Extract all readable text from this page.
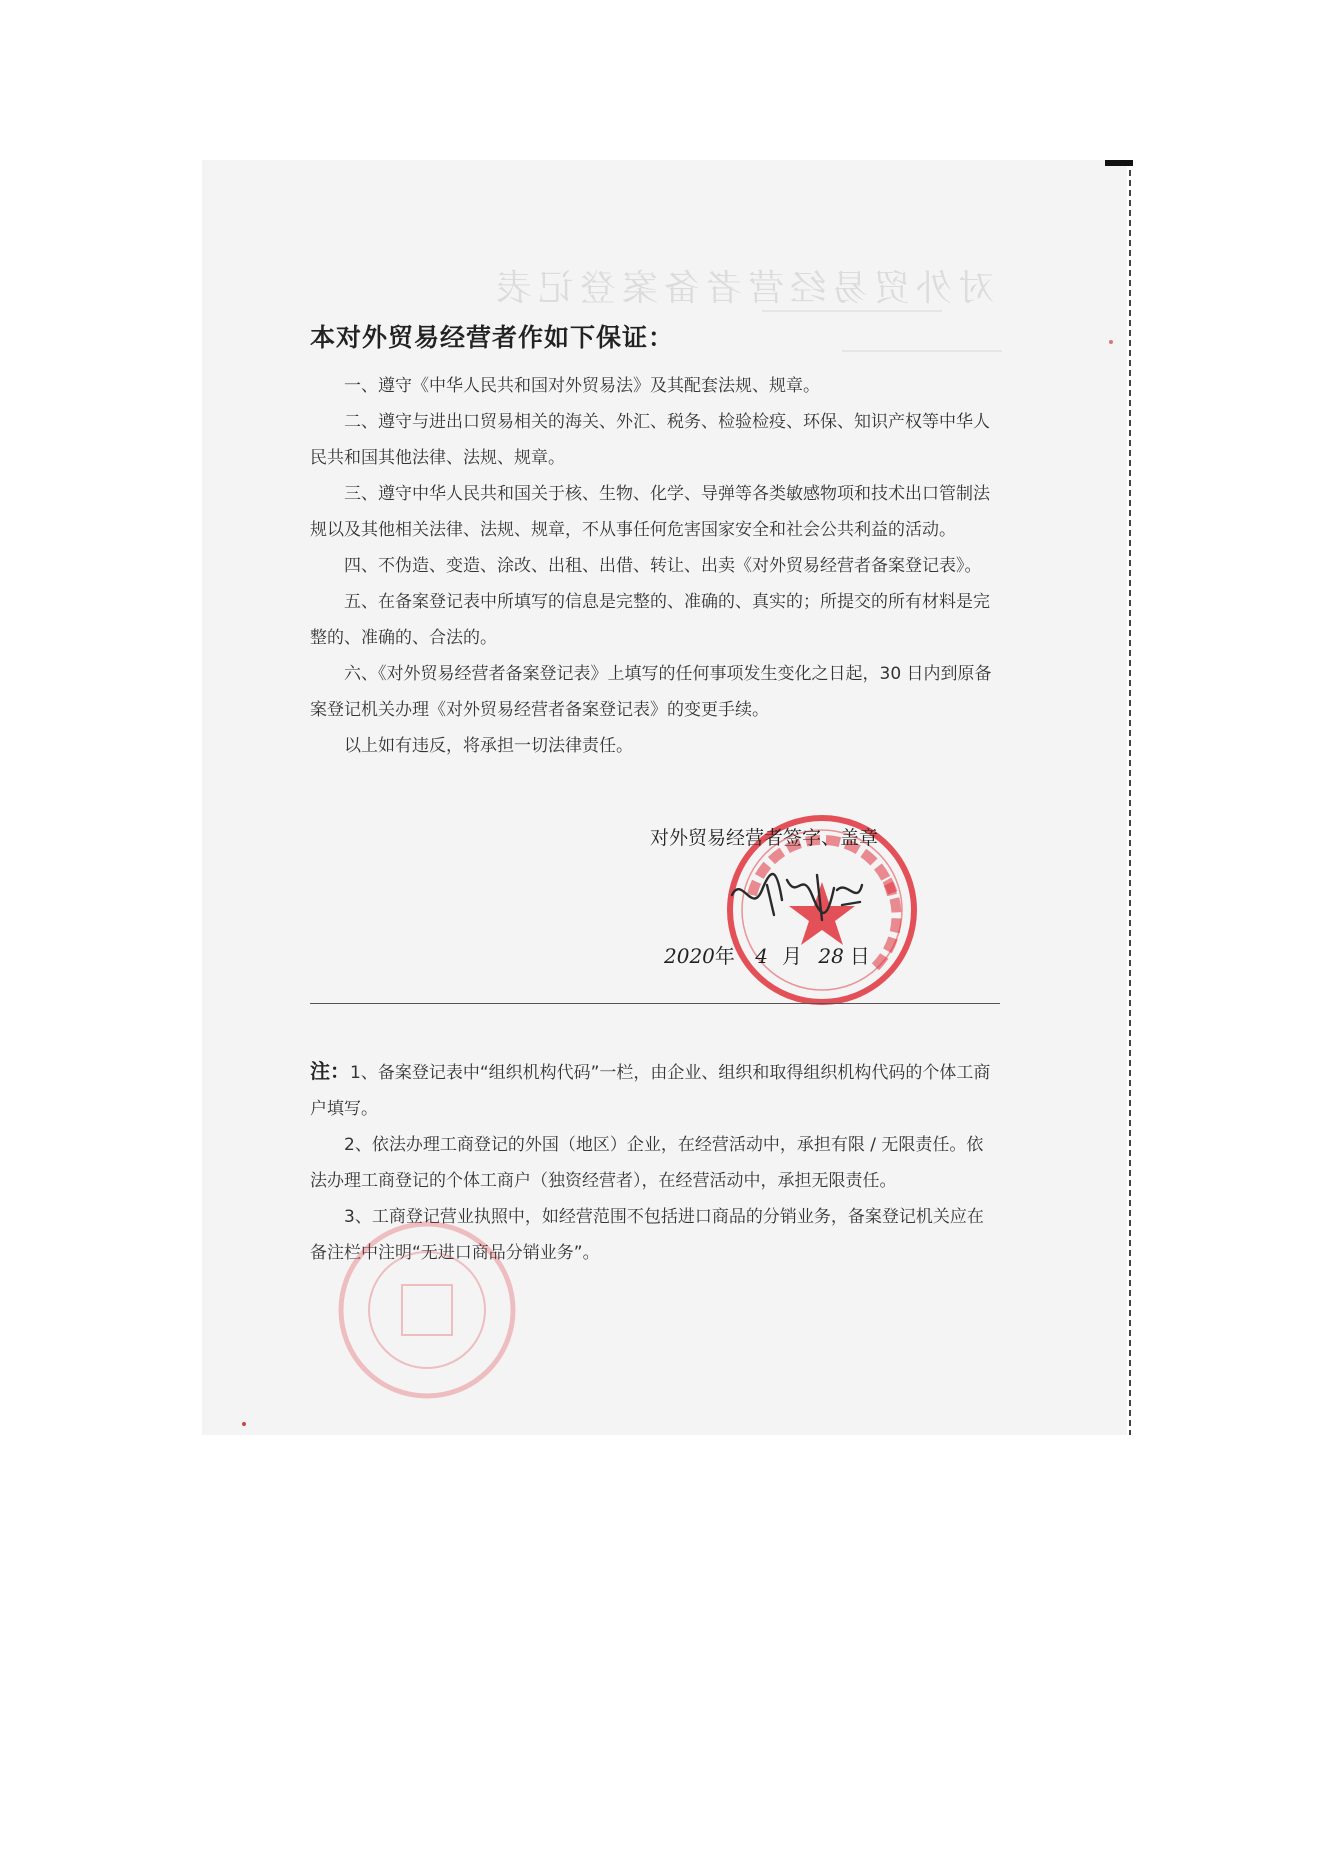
对外贸易经营者备案登记表
本对外贸易经营者作如下保证：

一、遵守《中华人民共和国对外贸易法》及其配套法规、规章。

二、遵守与进出口贸易相关的海关、外汇、税务、检验检疫、环保、知识产权等中华人民共和国其他法律、法规、规章。

三、遵守中华人民共和国关于核、生物、化学、导弹等各类敏感物项和技术出口管制法规以及其他相关法律、法规、规章，不从事任何危害国家安全和社会公共利益的活动。

四、不伪造、变造、涂改、出租、出借、转让、出卖《对外贸易经营者备案登记表》。

五、在备案登记表中所填写的信息是完整的、准确的、真实的；所提交的所有材料是完整的、准确的、合法的。

六、《对外贸易经营者备案登记表》上填写的任何事项发生变化之日起，30 日内到原备案登记机关办理《对外贸易经营者备案登记表》的变更手续。

以上如有违反，将承担一切法律责任。

对外贸易经营者签字、盖章
2020年 4 月 28 日

注：1、备案登记表中“组织机构代码”一栏，由企业、组织和取得组织机构代码的个体工商户填写。

2、依法办理工商登记的外国（地区）企业，在经营活动中，承担有限 / 无限责任。依法办理工商登记的个体工商户（独资经营者），在经营活动中，承担无限责任。

3、工商登记营业执照中，如经营范围不包括进口商品的分销业务，备案登记机关应在备注栏中注明“无进口商品分销业务”。
